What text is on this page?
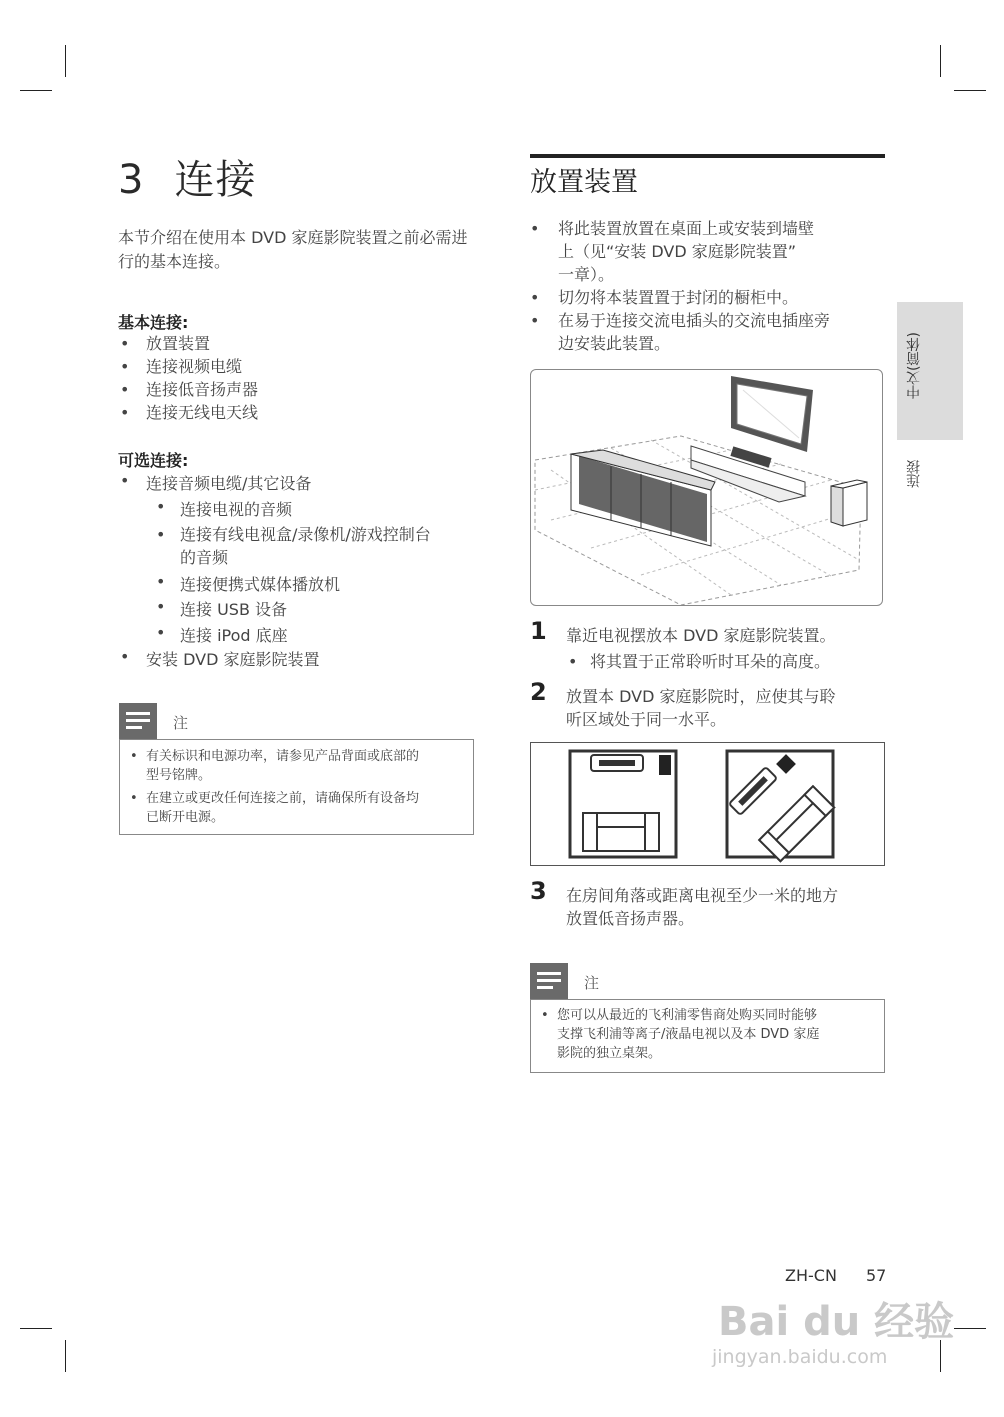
3 连接
本节介绍在使用本 DVD 家庭影院装置之前必需进行的基本连接。
基本连接:
• 放置装置
• 连接视频电缆
• 连接低音扬声器
• 连接无线电天线
可选连接:
• 连接音频电缆/其它设备
• 连接电视的音频
• 连接有线电视盒/录像机/游戏控制台
的音频
• 连接便携式媒体播放机
• 连接 USB 设备
• 连接 iPod 底座
• 安装 DVD 家庭影院装置
注
• 有关标识和电源功率，请参见产品背面或底部的
型号铭牌。
• 在建立或更改任何连接之前，请确保所有设备均
已断开电源。
放置装置
• 将此装置放置在桌面上或安装到墙壁
上（见“安装 DVD 家庭影院装置”
一章）。
• 切勿将本装置置于封闭的橱柜中。
• 在易于连接交流电插头的交流电插座旁
边安装此装置。
1 靠近电视摆放本 DVD 家庭影院装置。
• 将其置于正常聆听时耳朵的高度。
2 放置本 DVD 家庭影院时，应使其与聆
听区域处于同一水平。
3 在房间角落或距离电视至少一米的地方
放置低音扬声器。
注
• 您可以从最近的飞利浦零售商处购买同时能够
支撑飞利浦等离子/液晶电视以及本 DVD 家庭
影院的独立桌架。
中文(简体)
连接
ZH-CN 57
Bai du 经验
jingyan.baidu.com
